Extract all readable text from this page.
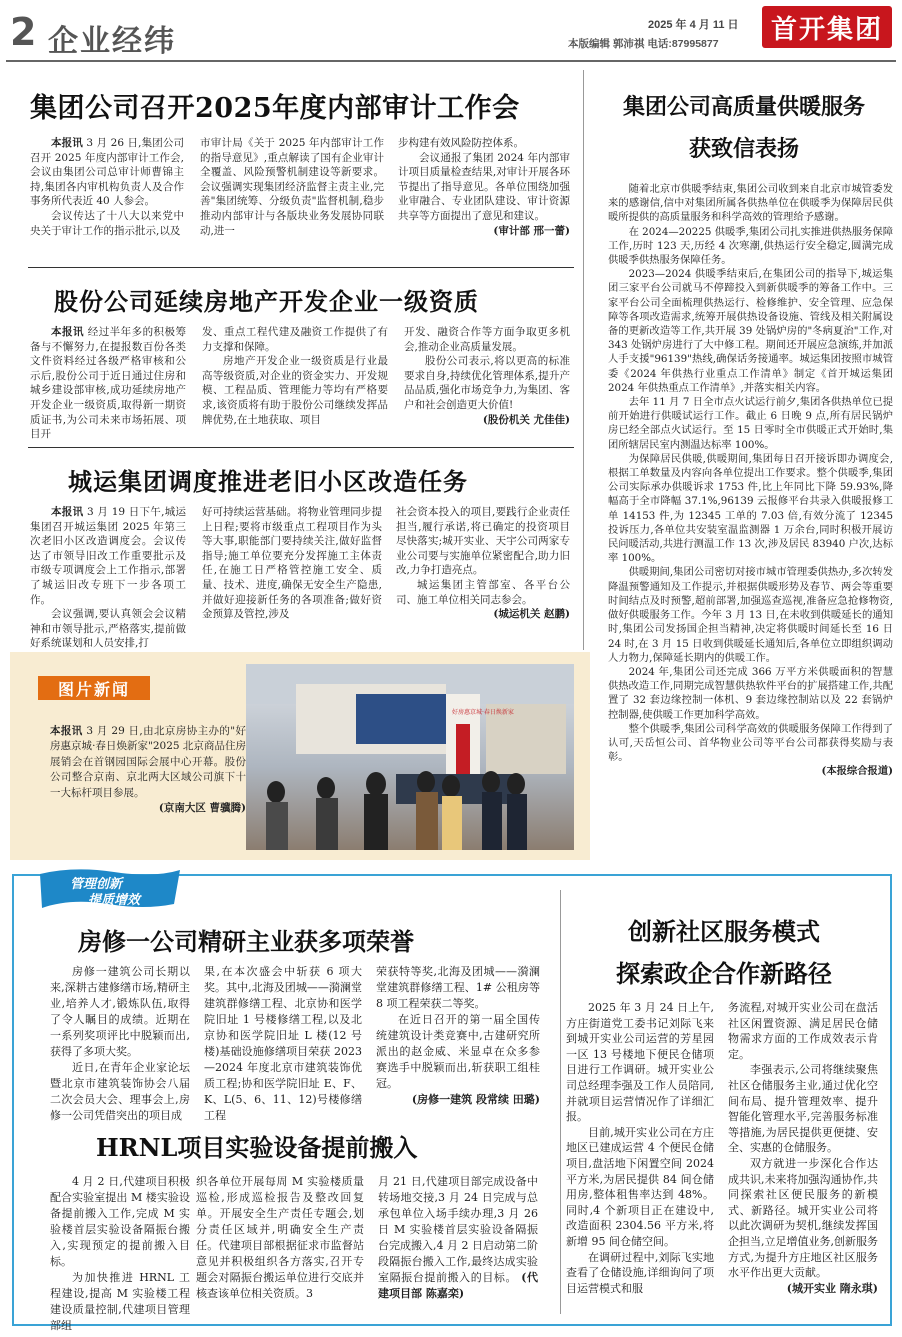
2 企业经纬	2025 年 4 月 11 日
本版编辑 郭沛祺 电话:87995877 首开集团
集团公司召开2025年度内部审计工作会

本报讯 3 月 26 日,集团公司召开 2025 年度内部审计工作会,会议由集团公司总审计师曹锦主持,集团各内审机构负责人及合作事务所代表近 40 人参会。

会议传达了十八大以来党中央关于审计工作的指示批示,以及

市审计局《关于 2025 年内部审计工作的指导意见》,重点解读了国有企业审计全覆盖、风险预警机制建设等新要求。会议强调实现集团经济监督主责主业,完善"集团统筹、分级负责"监督机制,稳步推动内部审计与各版块业务发展协同联动,进一
步构建有效风险防控体系。

会议通报了集团 2024 年内部审计项目质量检查结果,对审计开展各环节提出了指导意见。各单位围绕加强业审融合、专业团队建设、审计资源共享等方面提出了意见和建议。

(审计部 邢一蕾)
股份公司延续房地产开发企业一级资质

本报讯 经过半年多的积极筹备与不懈努力,在提报数百份各类文件资料经过各级严格审核和公示后,股份公司于近日通过住房和城乡建设部审核,成功延续房地产开发企业一级资质,取得新一期资质证书,为公司未来市场拓展、项目开

发、重点工程代建及融资工作提供了有力支撑和保障。

房地产开发企业一级资质是行业最高等级资质,对企业的资金实力、开发规模、工程品质、管理能力等均有严格要求,该资质将有助于股份公司继续发挥品牌优势,在土地获取、项目

开发、融资合作等方面争取更多机会,推动企业高质量发展。

股份公司表示,将以更高的标准要求自身,持续优化管理体系,提升产品品质,强化市场竞争力,为集团、客户和社会创造更大价值!

(股份机关 尤佳佳)
城运集团调度推进老旧小区改造任务

本报讯 3 月 19 日下午,城运集团召开城运集团 2025 年第三次老旧小区改造调度会。会议传达了市领导旧改工作重要批示及市级专项调度会上工作指示,部署了城运旧改专班下一步各项工作。

会议强调,要认真领会会议精神和市领导批示,严格落实,提前做好系统谋划和人员安排,打

好可持续运营基础。将物业管理同步提上日程;要将市级重点工程项目作为头等大事,职能部门要持续关注,做好监督指导;施工单位要充分发挥施工主体责任,在施工日严格管控施工安全、质量、技术、进度,确保无安全生产隐患,并做好迎接新任务的各项准备;做好资金预算及管控,涉及
社会资本投入的项目,要践行企业责任担当,履行承诺,将已确定的投资项目尽快落实;城开实业、天宇公司两家专业公司要与实施单位紧密配合,助力旧改,力争打造亮点。

城运集团主管部室、各平台公司、施工单位相关同志参会。

(城运机关 赵鹏)
图片新闻
本报讯 3 月 29 日,由北京房协主办的"好房惠京城·春日焕新家"2025 北京商品住房展销会在首钢园国际会展中心开幕。股份公司整合京南、京北两大区域公司旗下十一大标杆项目参展。
(京南大区 曹骥腾)
好房惠京城·春日焕新家
集团公司高质量供暖服务
获致信表扬

随着北京市供暖季结束,集团公司收到来自北京市城管委发来的感谢信,信中对集团所属各供热单位在供暖季为保障居民供暖所提供的高质量服务和科学高效的管理给予感谢。

在 2024—20225 供暖季,集团公司扎实推进供热服务保障工作,历时 123 天,历经 4 次寒潮,供热运行安全稳定,圆满完成供暖季供热服务保障任务。

2023—2024 供暖季结束后,在集团公司的指导下,城运集团三家平台公司就马不停蹄投入到新供暖季的筹备工作中。三家平台公司全面梳理供热运行、检修维护、安全管理、应急保障等各项改造需求,统筹开展供热设备设施、管线及相关附属设备的更新改造等工作,共开展 39 处锅炉房的"冬病夏治"工作,对 343 处锅炉房进行了大中修工程。期间还开展应急演练,并加派人手支援"96139"热线,确保话务接通率。城运集团按照市城管委《2024 年供热行业重点工作清单》制定《首开城运集团 2024 年供热重点工作清单》,并落实相关内容。

去年 11 月 7 日全市点火试运行前夕,集团各供热单位已提前开始进行供暖试运行工作。截止 6 日晚 9 点,所有居民锅炉房已经全部点火试运行。至 15 日零时全市供暖正式开始时,集团所辖居民室内测温达标率 100%。

为保障居民供暖,供暖期间,集团每日召开接诉即办调度会,根据工单数量及内容向各单位提出工作要求。整个供暖季,集团公司实际承办供暖诉求 1753 件,比上年同比下降 59.93%,降幅高于全市降幅 37.1%,96139 云报修平台共录入供暖报修工单 14153 件,为 12345 工单的 7.03 倍,有效分流了 12345 投诉压力,各单位共安装室温监测器 1 万余台,同时积极开展访民问暖活动,共进行测温工作 13 次,涉及居民 83940 户次,达标率 100%。

供暖期间,集团公司密切对接市城市管理委供热办,多次转发降温预警通知及工作提示,并根据供暖形势及春节、两会等重要时间结点及时预警,超前部署,加强巡查巡视,准备应急抢修物资,做好供暖服务工作。今年 3 月 13 日,在未收到供暖延长的通知时,集团公司发扬国企担当精神,决定将供暖时间延长至 16 日 24 时,在 3 月 15 日收到供暖延长通知后,各单位立即组织调动人力物力,保障延长期内的供暖工作。

2024 年,集团公司还完成 366 万平方米供暖面积的智慧供热改造工作,同期完成智慧供热软件平台的扩展搭建工作,共配置了 32 套边缘控制一体机、9 套边缘控制站以及 22 套锅炉控制器,使供暖工作更加科学高效。

整个供暖季,集团公司科学高效的供暖服务保障工作得到了认可,天岳恒公司、首华物业公司等平台公司都获得奖励与表彰。

(本报综合报道)
管理创新
提质增效
房修一公司精研主业获多项荣誉

房修一建筑公司长期以来,深耕古建修缮市场,精研主业,培养人才,锻炼队伍,取得了令人瞩目的成绩。近期在一系列奖项评比中脱颖而出,获得了多项大奖。

近日,在青年企业家论坛暨北京市建筑装饰协会八届二次会员大会、理事会上,房修一公司凭借突出的项目成

果,在本次盛会中斩获 6 项大奖。其中,北海及团城——漪澜堂建筑群修缮工程、北京协和医学院旧址 1 号楼修缮工程,以及北京协和医学院旧址 L 楼(12 号楼)基础设施修缮项目荣获 2023—2024 年度北京市建筑装饰优质工程;协和医学院旧址 E、F、K、L(5、6、11、12)号楼修缮工程
荣获特等奖,北海及团城——漪澜堂建筑群修缮工程、1# 公租房等 8 项工程荣获二等奖。

在近日召开的第一届全国传统建筑设计类竞赛中,古建研究所派出的赵金威、米显卓在众多参赛选手中脱颖而出,斩获职工组桂冠。

(房修一建筑 段常续 田璐)
HRNL项目实验设备提前搬入

4 月 2 日,代建项目积极配合实验室提出 M 楼实验设备提前搬入工作,完成 M 实验楼首层实验设备隔振台搬入,实现预定的提前搬入目标。

为加快推进 HRNL 工程建设,提高 M 实验楼工程建设质量控制,代建项目管理部组

织各单位开展每周 M 实验楼质量巡检,形成巡检报告及整改回复单。开展安全生产责任专题会,划分责任区域并,明确安全生产责任。代建项目部根据征求市监督站意见并积极组织各方落实,召开专题会对隔振台搬运单位进行交底并核查该单位相关资质。3
月 21 日,代建项目部完成设备中转场地交接,3 月 24 日完成与总承包单位入场手续办理,3 月 26 日 M 实验楼首层实验设备隔振台完成搬入,4 月 2 日启动第二阶段隔振台搬入工作,最终达成实验室隔振台提前搬入的目标。 (代建项目部 陈嘉栾)
创新社区服务模式
探索政企合作新路径

2025 年 3 月 24 日上午,方庄街道党工委书记刘际飞来到城开实业公司运营的芳星园一区 13 号楼地下便民仓储项目进行工作调研。城开实业公司总经理李强及工作人员陪同,并就项目运营情况作了详细汇报。

目前,城开实业公司在方庄地区已建成运营 4 个便民仓储项目,盘活地下闲置空间 2024 平方米,为居民提供 84 间仓储用房,整体租售率达到 48%。同时,4 个新项目正在建设中,改造面积 2304.56 平方米,将新增 95 间仓储空间。

在调研过程中,刘际飞实地查看了仓储设施,详细询问了项目运营模式和服

务流程,对城开实业公司在盘活社区闲置资源、满足居民仓储物需求方面的工作成效表示肯定。

李强表示,公司将继续聚焦社区仓储服务主业,通过优化空间布局、提升管理效率、提升智能化管理水平,完善服务标准等措施,为居民提供更便捷、安全、实惠的仓储服务。

双方就进一步深化合作达成共识,未来将加强沟通协作,共同探索社区便民服务的新模式、新路径。城开实业公司将以此次调研为契机,继续发挥国企担当,立足增值业务,创新服务方式,为提升方庄地区社区服务水平作出更大贡献。

(城开实业 隋永琪)
